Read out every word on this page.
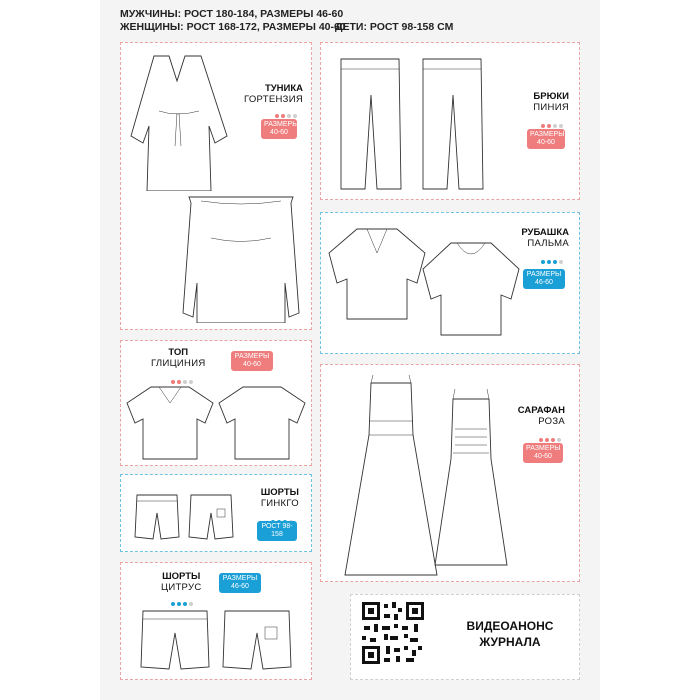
МУЖЧИНЫ: РОСТ 180-184, РАЗМЕРЫ 46-60
ЖЕНЩИНЫ: РОСТ 168-172, РАЗМЕРЫ 40-60
ДЕТИ: РОСТ 98-158 СМ
ТУНИКА
ГОРТЕНЗИЯ
РАЗМЕРЫ 40-60
БРЮКИ
ПИНИЯ
РАЗМЕРЫ 40-60
РУБАШКА
ПАЛЬМА
РАЗМЕРЫ 46-60
ТОП
ГЛИЦИНИЯ
РАЗМЕРЫ 40-60
САРАФАН
РОЗА
РАЗМЕРЫ 40-60
ШОРТЫ
ГИНКГО
РОСТ 98-158
ШОРТЫ
ЦИТРУС
РАЗМЕРЫ 46-60
ВИДЕОАНОНС
ЖУРНАЛА
